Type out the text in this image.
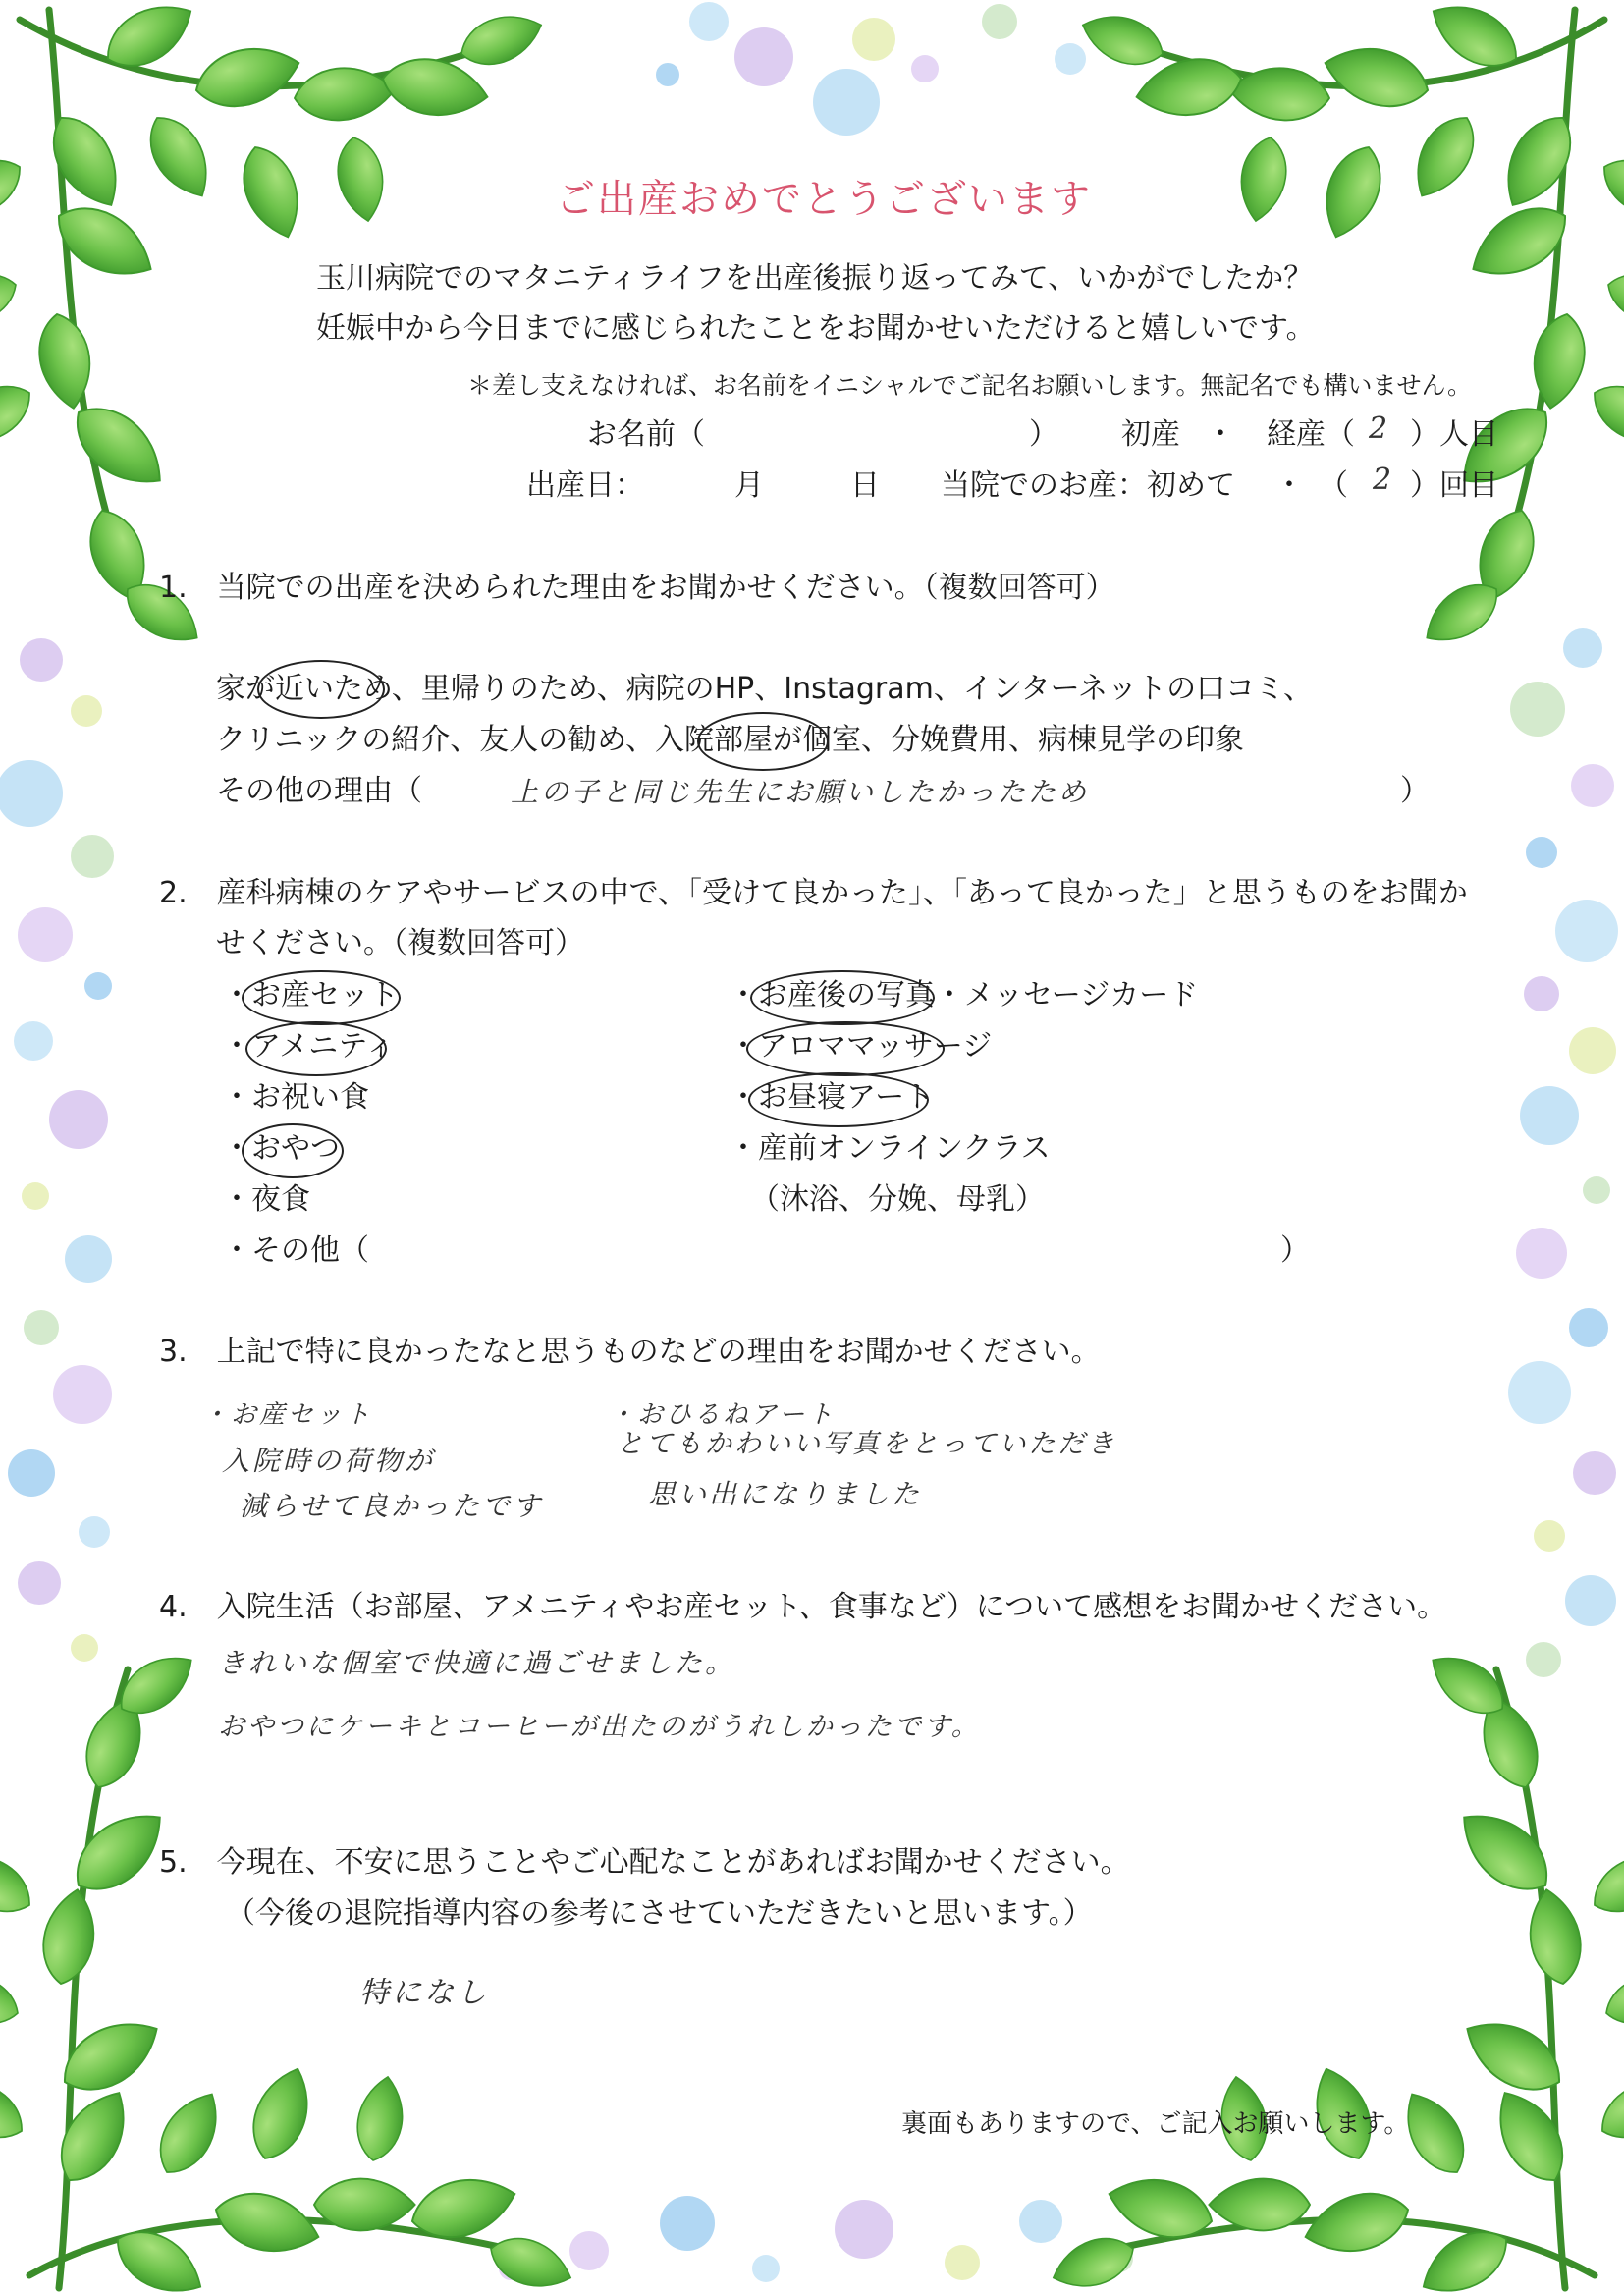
ご出産おめでとうございます
玉川病院でのマタニティライフを出産後振り返ってみて、いかがでしたか？
妊娠中から今日までに感じられたことをお聞かせいただけると嬉しいです。
＊差し支えなければ、お名前をイニシャルでご記名お願いします。無記名でも構いません。
お名前（	） 初産 ・ 経産（ 2 ）人目
出産日：	月	日 当院でのお産：初めて ・　（ 2 ）回目
1.　当院での出産を決められた理由をお聞かせください。（複数回答可）
家が近いため、里帰りのため、病院のHP、Instagram、インターネットの口コミ、
クリニックの紹介、友人の勧め、入院部屋が個室、分娩費用、病棟見学の印象
その他の理由（	上の子と同じ先生にお願いしたかったため	）
2.　産科病棟のケアやサービスの中で、「受けて良かった」、「あって良かった」と思うものをお聞か
せください。（複数回答可）
・お産セット
・アメニティ
・お祝い食
・おやつ
・夜食
・その他（	）
・お産後の写真・メッセージカード
・アロママッサージ
・お昼寝アート
・産前オンラインクラス
（沐浴、分娩、母乳）
3.　上記で特に良かったなと思うものなどの理由をお聞かせください。
・お産セット
入院時の荷物が
減らせて良かったです
・おひるねアート
とてもかわいい写真をとっていただき
思い出になりました
4.　入院生活（お部屋、アメニティやお産セット、食事など）について感想をお聞かせください。
きれいな個室で快適に過ごせました。
おやつにケーキとコーヒーが出たのがうれしかったです。
5.　今現在、不安に思うことやご心配なことがあればお聞かせください。
（今後の退院指導内容の参考にさせていただきたいと思います。）
特になし
裏面もありますので、ご記入お願いします。
